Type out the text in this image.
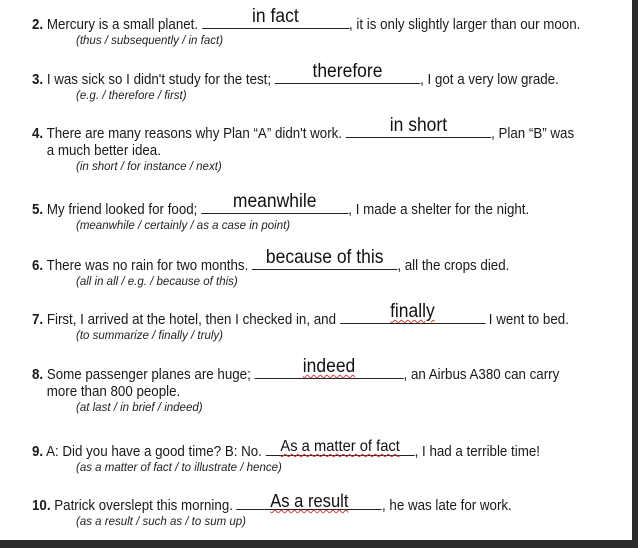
2. Mercury is a small planet.	in fact	, it is only slightly larger than our moon.
(thus / subsequently / in fact)
3. I was sick so I didn't study for the test;	therefore	, I got a very low grade.
(e.g. / therefore / first)
4. There are many reasons why Plan “A” didn't work.	in short	, Plan “B” was
a much better idea.
(in short / for instance / next)
5. My friend looked for food;	meanwhile	, I made a shelter for the night.
(meanwhile / certainly / as a case in point)
6. There was no rain for two months. because of this , all the crops died.
(all in all / e.g. / because of this)
7. First, I arrived at the hotel, then I checked in, and	finally	I went to bed.
(to summarize / finally / truly)
8. Some passenger planes are huge;	indeed	, an Airbus A380 can carry
more than 800 people.
(at last / in brief / indeed)
9. A: Did you have a good time? B: No.	As a matter of fact	, I had a terrible time!
(as a matter of fact / to illustrate / hence)
10. Patrick overslept this morning.	As a result	, he was late for work.
(as a result / such as / to sum up)
